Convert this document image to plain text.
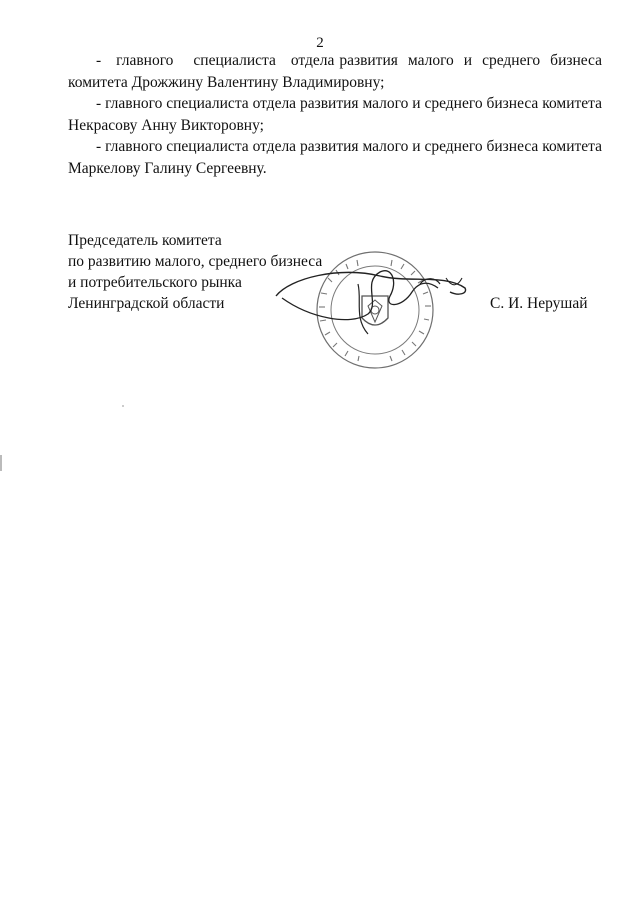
2

-   главного    специалиста   отдела развития  малого  и  среднего  бизнеса

комитета Дрожжину Валентину Владимировну;

- главного специалиста отдела развития малого и среднего бизнеса комитета

Некрасову Анну Викторовну;

- главного специалиста отдела развития малого и среднего бизнеса комитета

Маркелову Галину Сергеевну.
Председатель комитета
по развитию малого, среднего бизнеса
и потребительского рынка
Ленинградской области	С. И. Нерушай
